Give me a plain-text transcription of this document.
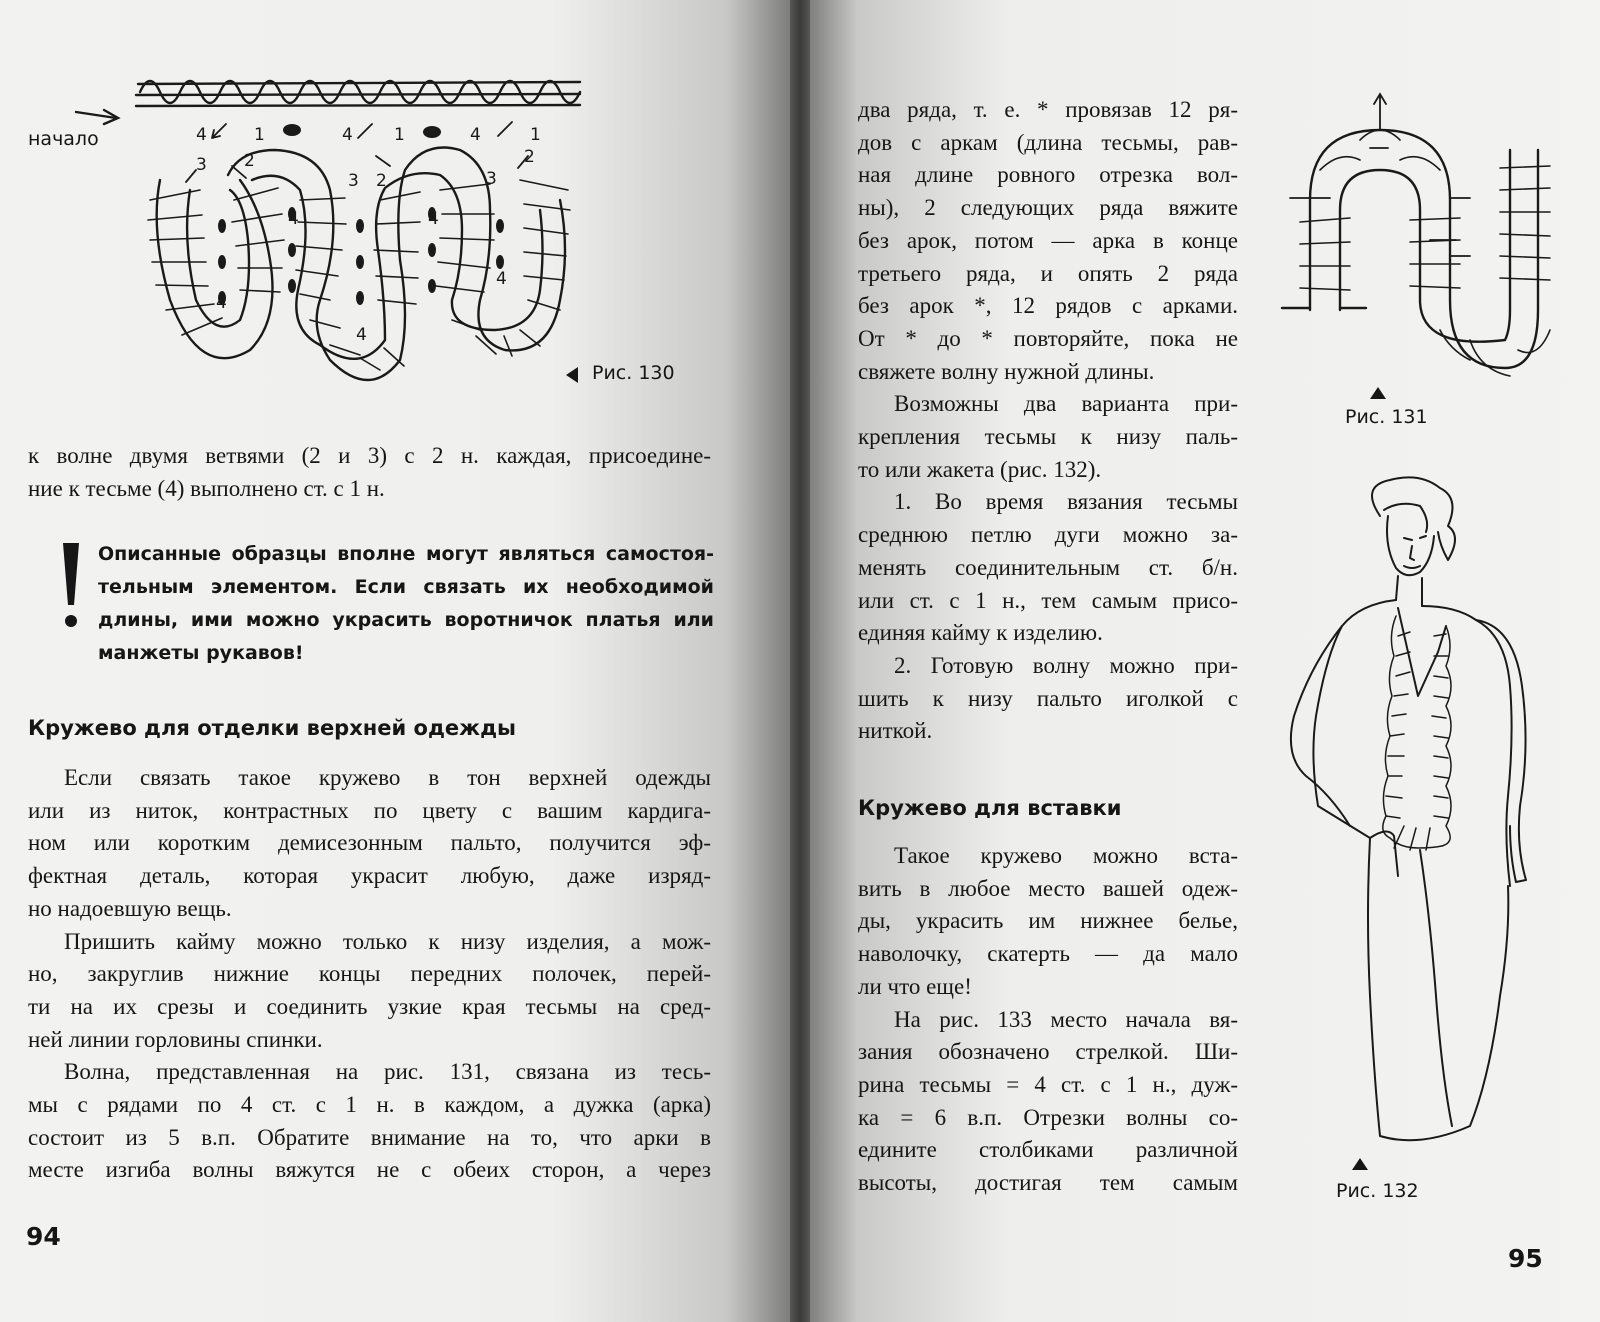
4	1	4 1	4	1
3 2
3 2	3
2
4	4
4
4
4
начало
Рис. 130

к волне двумя ветвями (2 и 3) с 2 н. каждая, присоедине-

ние к тесьме (4) выполнено ст. с 1 н.

Описанные образцы вполне могут являться самостоя-
тельным элементом. Если связать их необходимой
длины, ими можно украсить воротничок платья или
манжеты рукавов!
Кружево для отделки верхней одежды

Если связать такое кружево в тон верхней одежды

или из ниток, контрастных по цвету с вашим кардига-

ном или коротким демисезонным пальто, получится эф-

фектная деталь, которая украсит любую, даже изряд-

но надоевшую вещь.

Пришить кайму можно только к низу изделия, а мож-

но, закруглив нижние концы передних полочек, перей-

ти на их срезы и соединить узкие края тесьмы на сред-

ней линии горловины спинки.

Волна, представленная на рис. 131, связана из тесь-

мы с рядами по 4 ст. с 1 н. в каждом, а дужка (арка)

состоит из 5 в.п. Обратите внимание на то, что арки в

месте изгиба волны вяжутся не с обеих сторон, а через

94

два ряда, т. е. * провязав 12 ря-

дов с аркам (длина тесьмы, рав-

ная длине ровного отрезка вол-

ны), 2 следующих ряда вяжите

без арок, потом — арка в конце

третьего ряда, и опять 2 ряда

без арок *, 12 рядов с арками.

От * до * повторяйте, пока не

свяжете волну нужной длины.

Возможны два варианта при-

крепления тесьмы к низу паль-

то или жакета (рис. 132).

1. Во время вязания тесьмы

среднюю петлю дуги можно за-

менять соединительным ст. б/н.

или ст. с 1 н., тем самым присо-

единяя кайму к изделию.

2. Готовую волну можно при-

шить к низу пальто иголкой с

ниткой.

Кружево для вставки

Такое кружево можно вста-

вить в любое место вашей одеж-

ды, украсить им нижнее белье,

наволочку, скатерть — да мало

ли что еще!

На рис. 133 место начала вя-

зания обозначено стрелкой. Ши-

рина тесьмы = 4 ст. с 1 н., дуж-

ка = 6 в.п. Отрезки волны со-

едините столбиками различной

высоты, достигая тем самым

Рис. 131
Рис. 132
95
